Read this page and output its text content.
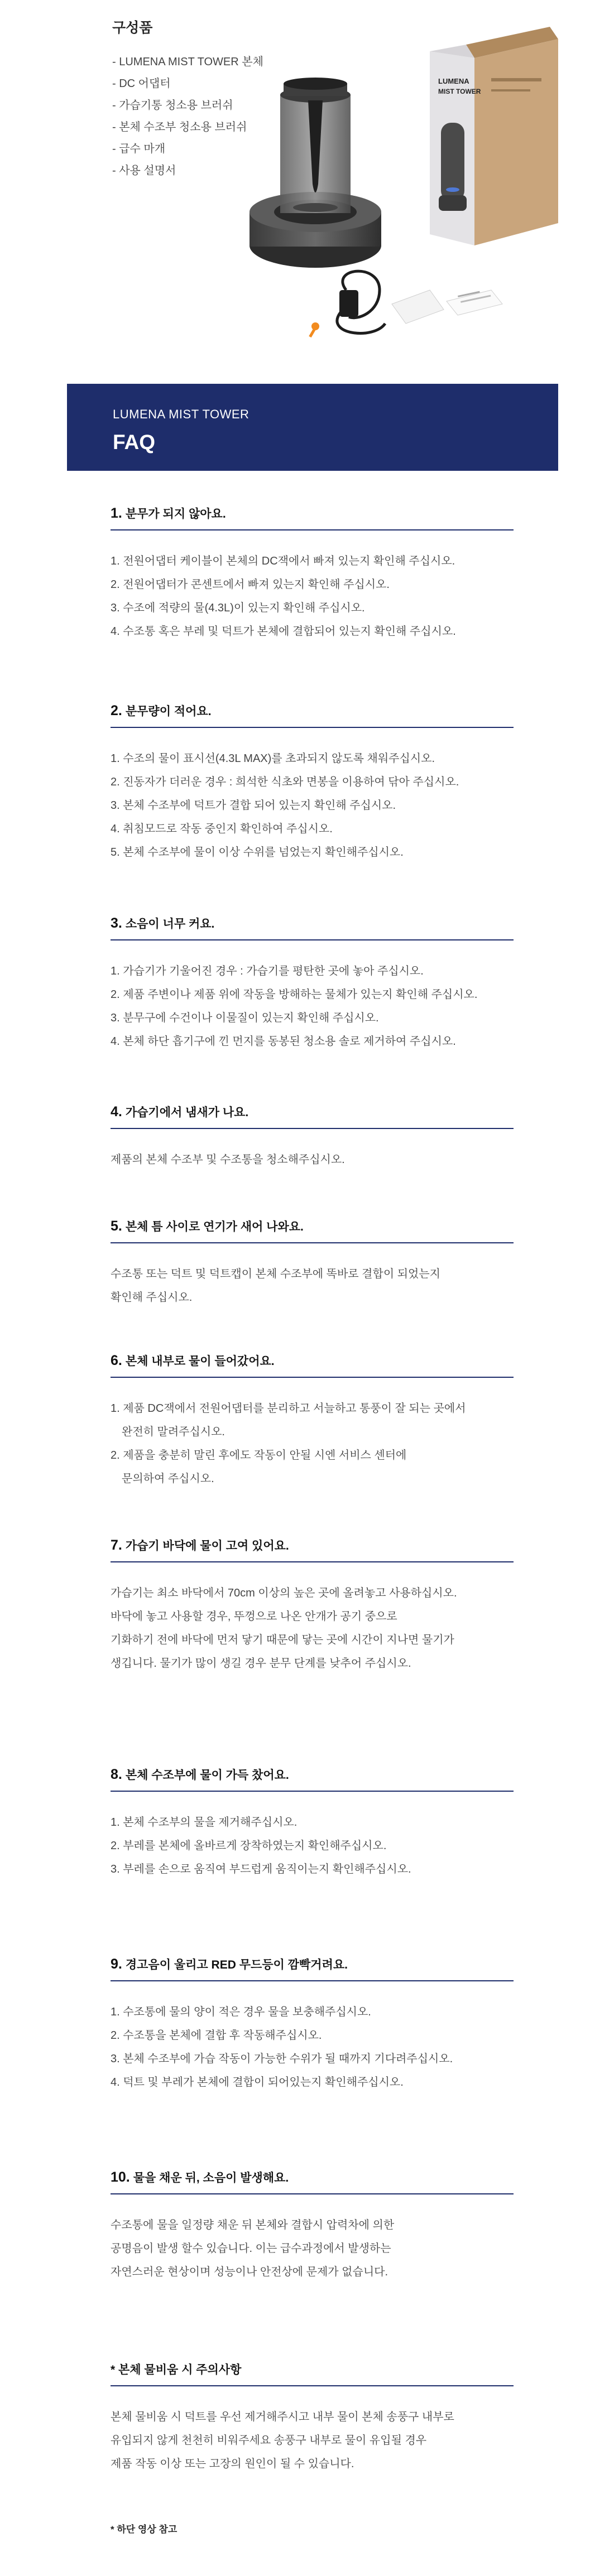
구성품
- LUMENA MIST TOWER 본체
- DC 어댑터
- 가습기통 청소용 브러쉬
- 본체 수조부 청소용 브러쉬
- 급수 마개
- 사용 설명서
LUMENA
MIST TOWER

LUMENA MIST TOWER

FAQ
1. 분무가 되지 않아요.
1. 전원어댑터 케이블이 본체의 DC잭에서 빠져 있는지 확인해 주십시오.
2. 전원어댑터가 콘센트에서 빠져 있는지 확인해 주십시오.
3. 수조에 적량의 물(4.3L)이 있는지 확인해 주십시오.
4. 수조통 혹은 부레 및 덕트가 본체에 결합되어 있는지 확인해 주십시오.
2. 분무량이 적어요.
1. 수조의 물이 표시선(4.3L MAX)를 초과되지 않도록 채워주십시오.
2. 진동자가 더러운 경우 : 희석한 식초와 면봉을 이용하여 닦아 주십시오.
3. 본체 수조부에 덕트가 결합 되어 있는지 확인해 주십시오.
4. 취침모드로 작동 중인지 확인하여 주십시오.
5. 본체 수조부에 물이 이상 수위를 넘었는지 확인해주십시오.
3. 소음이 너무 커요.
1. 가습기가 기울어진 경우 : 가습기를 평탄한 곳에 놓아 주십시오.
2. 제품 주변이나 제품 위에 작동을 방해하는 물체가 있는지 확인해 주십시오.
3. 분무구에 수건이나 이물질이 있는지 확인해 주십시오.
4. 본체 하단 흡기구에 낀 먼지를 동봉된 청소용 솔로 제거하여 주십시오.
4. 가습기에서 냄새가 나요.

제품의 본체 수조부 및 수조통을 청소해주십시오.

5. 본체 틈 사이로 연기가 새어 나와요.

수조통 또는 덕트 및 덕트캡이 본체 수조부에 똑바로 결합이 되었는지
확인해 주십시오.

6. 본체 내부로 물이 들어갔어요.
1. 제품 DC잭에서 전원어댑터를 분리하고 서늘하고 통풍이 잘 되는 곳에서
완전히 말려주십시오.
2. 제품을 충분히 말린 후에도 작동이 안될 시엔 서비스 센터에
문의하여 주십시오.
7. 가습기 바닥에 물이 고여 있어요.

가습기는 최소 바닥에서 70cm 이상의 높은 곳에 올려놓고 사용하십시오.
바닥에 놓고 사용할 경우, 뚜껑으로 나온 안개가 공기 중으로
기화하기 전에 바닥에 먼저 닿기 때문에 닿는 곳에 시간이 지나면 물기가
생깁니다. 물기가 많이 생길 경우 분무 단계를 낮추어 주십시오.

8. 본체 수조부에 물이 가득 찼어요.
1. 본체 수조부의 물을 제거해주십시오.
2. 부레를 본체에 올바르게 장착하였는지 확인해주십시오.
3. 부레를 손으로 움직여 부드럽게 움직이는지 확인해주십시오.
9. 경고음이 울리고 RED 무드등이 깜빡거려요.
1. 수조통에 물의 양이 적은 경우 물을 보충해주십시오.
2. 수조통을 본체에 결합 후 작동해주십시오.
3. 본체 수조부에 가습 작동이 가능한 수위가 될 때까지 기다려주십시오.
4. 덕트 및 부레가 본체에 결합이 되어있는지 확인해주십시오.
10. 물을 채운 뒤, 소음이 발생해요.

수조통에 물을 일정량 채운 뒤 본체와 결합시 압력차에 의한
공명음이 발생 할수 있습니다. 이는 급수과정에서 발생하는
자연스러운 현상이며 성능이나 안전상에 문제가 없습니다.

* 본체 물비움 시 주의사항

본체 물비움 시 덕트를 우선 제거해주시고 내부 물이 본체 송풍구 내부로
유입되지 않게 천천히 비워주세요 송풍구 내부로 물이 유입될 경우
제품 작동 이상 또는 고장의 원인이 될 수 있습니다.

* 하단 영상 참고
